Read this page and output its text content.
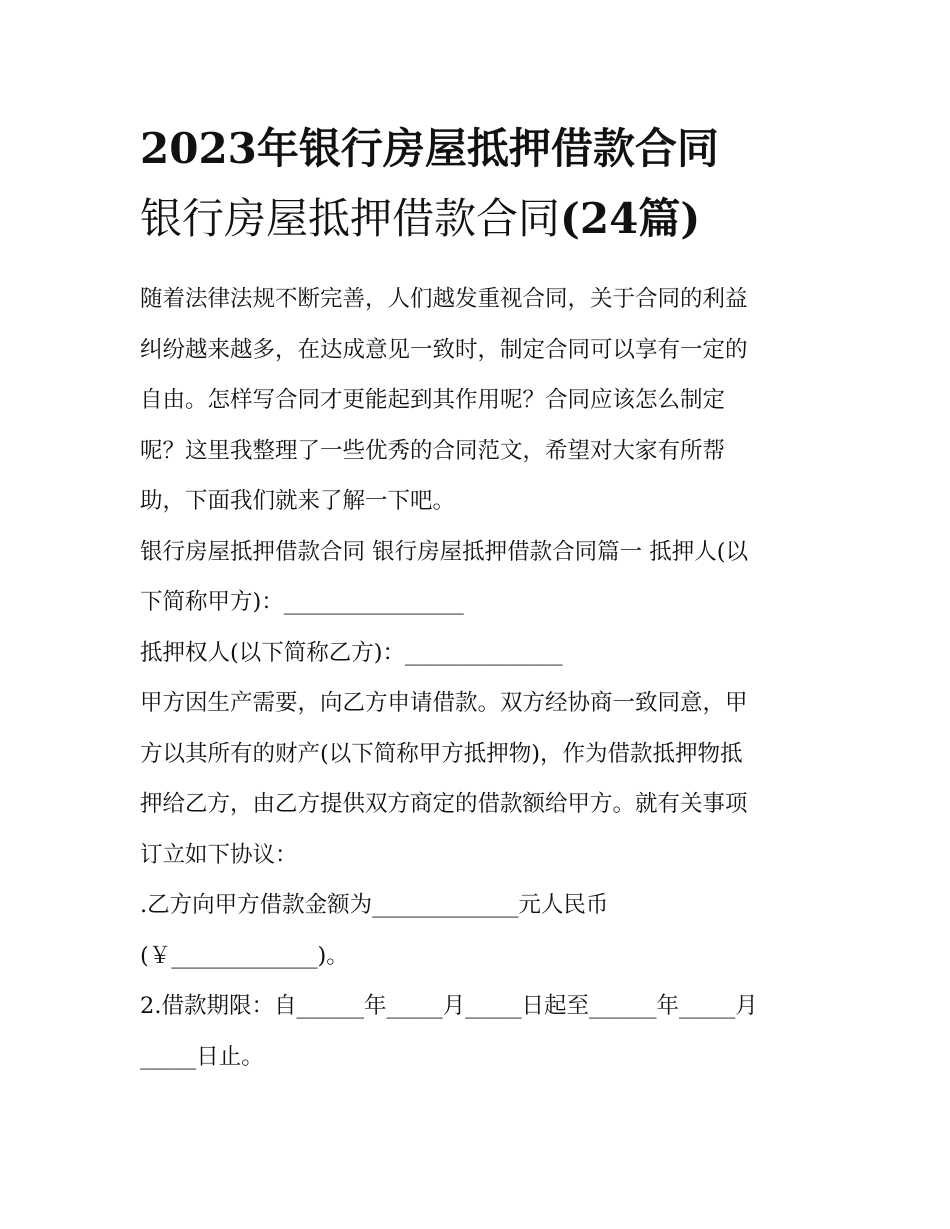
2023年银行房屋抵押借款合同
银行房屋抵押借款合同(24篇)

随着法律法规不断完善，人们越发重视合同，关于合同的利益
纠纷越来越多，在达成意见一致时，制定合同可以享有一定的
自由。怎样写合同才更能起到其作用呢？合同应该怎么制定
呢？这里我整理了一些优秀的合同范文，希望对大家有所帮
助，下面我们就来了解一下吧。

银行房屋抵押借款合同 银行房屋抵押借款合同篇一 抵押人(以
下简称甲方)：________________

抵押权人(以下简称乙方)：______________

甲方因生产需要，向乙方申请借款。双方经协商一致同意，甲
方以其所有的财产(以下简称甲方抵押物)，作为借款抵押物抵
押给乙方，由乙方提供双方商定的借款额给甲方。就有关事项
订立如下协议：

.乙方向甲方借款金额为_____________元人民币
(￥_____________)。

2.借款期限：自______年_____月_____日起至______年_____月
_____日止。
